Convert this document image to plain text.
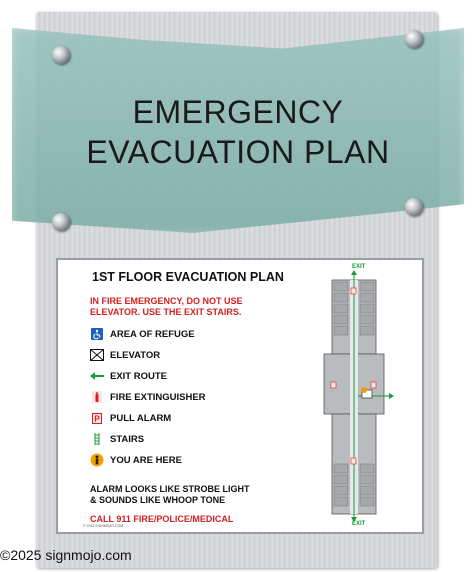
EMERGENCY
EVACUATION PLAN
1ST FLOOR EVACUATION PLAN
IN FIRE EMERGENCY, DO NOT USE
ELEVATOR. USE THE EXIT STAIRS.
AREA OF REFUGE
ELEVATOR
EXIT ROUTE
FIRE EXTINGUISHER
P PULL ALARM
STAIRS
YOU ARE HERE
ALARM LOOKS LIKE STROBE LIGHT
& SOUNDS LIKE WHOOP TONE
CALL 911 FIRE/POLICE/MEDICAL
© 2013 SIGNMOJO.COM
EXIT
EXIT
©2025 signmojo.com
